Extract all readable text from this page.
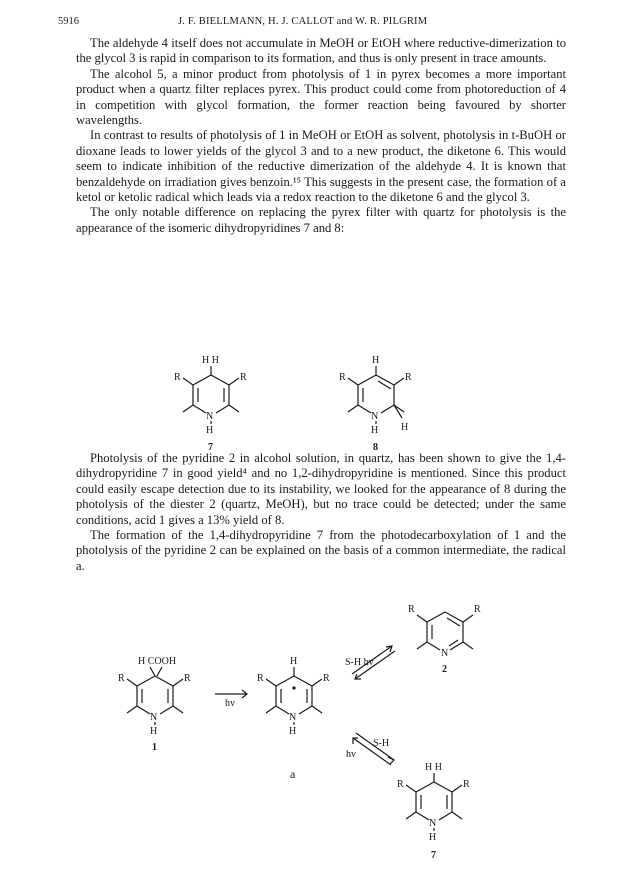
5916	J. F. BIELLMANN, H. J. CALLOT and W. R. PILGRIM

The aldehyde 4 itself does not accumulate in MeOH or EtOH where reductive-dimerization to the glycol 3 is rapid in comparison to its formation, and thus is only present in trace amounts.

The alcohol 5, a minor product from photolysis of 1 in pyrex becomes a more important product when a quartz filter replaces pyrex. This product could come from photoreduction of 4 in competition with glycol formation, the former reaction being favoured by shorter wavelengths.

In contrast to results of photolysis of 1 in MeOH or EtOH as solvent, photolysis in t-BuOH or dioxane leads to lower yields of the glycol 3 and to a new product, the diketone 6. This would seem to indicate inhibition of the reductive dimerization of the aldehyde 4. It is known that benzaldehyde on irradiation gives benzoin.¹⁵ This suggests in the present case, the formation of a ketol or ketolic radical which leads via a redox reaction to the diketone 6 and the glycol 3.

The only notable difference on replacing the pyrex filter with quartz for photolysis is the appearance of the isomeric dihydropyridines 7 and 8:

H H
R	R
N
H
7
H
R	R
N
H H
8

Photolysis of the pyridine 2 in alcohol solution, in quartz, has been shown to give the 1,4-dihydropyridine 7 in good yield⁴ and no 1,2-dihydropyridine is mentioned. Since this product could easily escape detection due to its instability, we looked for the appearance of 8 during the photolysis of the diester 2 (quartz, MeOH), but no trace could be detected; under the same conditions, acid 1 gives a 13% yield of 8.

The formation of the 1,4-dihydropyridine 7 from the photodecarboxylation of 1 and the photolysis of the pyridine 2 can be explained on the basis of a common intermediate, the radical a.

H COOH
R	R
N
H
1
hv
H
R	R
N
H
a
S-H hv
R	R
N
2
S-H
hv
H H
R	R
N
H
7
